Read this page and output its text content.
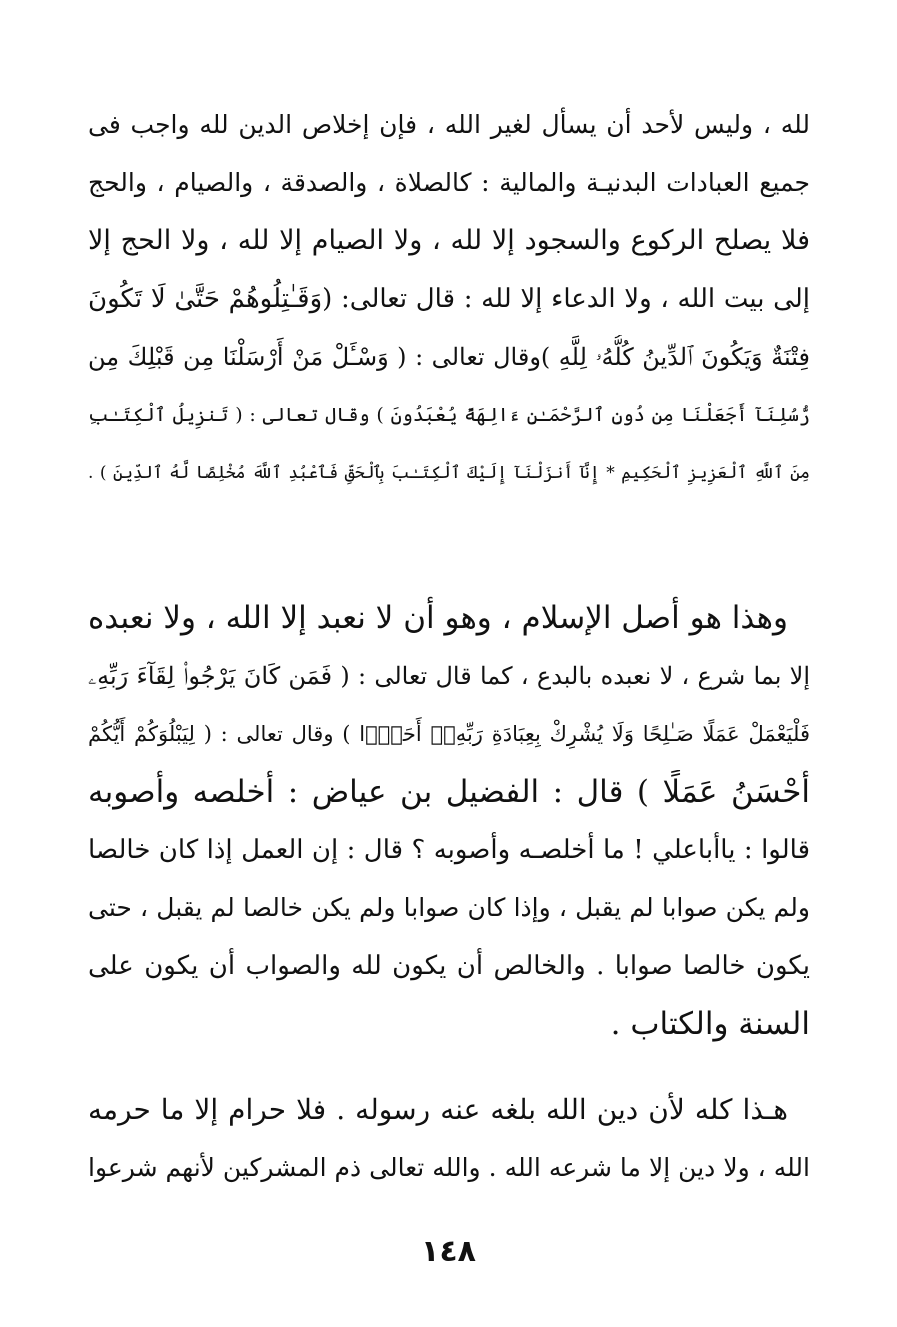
لله ، وليس لأحد أن يسأل لغير الله ، فإن إخلاص الدين لله واجب فى
جميع العبادات البدنيـة والمالية : كالصلاة ، والصدقة ، والصيام ، والحج
فلا يصلح الركوع والسجود إلا لله ، ولا الصيام إلا لله ، ولا الحج إلا
إلى بيت الله ، ولا الدعاء إلا لله : قال تعالى: (وَقَـٰتِلُوهُمْ حَتَّىٰ لَا تَكُونَ
فِتْنَةٌ وَيَكُونَ ٱلدِّينُ كُلُّهُۥ لِلَّهِ )وقال تعالى : ( وَسْـَٔلْ مَنْ أَرْسَلْنَا مِن قَبْلِكَ مِن
رُّسُلِنَآ أَجَعَلْنَا مِن دُونِ ٱلرَّحْمَـٰنِ ءَالِهَةً يُعْبَدُونَ ) وقال تعالى : ( تَنزِيلُ ٱلْكِتَـٰبِ
مِنَ ٱللَّهِ ٱلْعَزِيزِ ٱلْحَكِيمِ * إِنَّآ أَنزَلْنَآ إِلَيْكَ ٱلْكِتَـٰبَ بِٱلْحَقِّ فَٱعْبُدِ ٱللَّهَ مُخْلِصًا لَّهُ ٱلدِّينَ ) .
وهذا هو أصل الإسلام ، وهو أن لا نعبد إلا الله ، ولا نعبده
إلا بما شرع ، لا نعبده بالبدع ، كما قال تعالى : ( فَمَن كَانَ يَرْجُوا۟ لِقَآءَ رَبِّهِۦ
فَلْيَعْمَلْ عَمَلًا صَـٰلِحًا وَلَا يُشْرِكْ بِعِبَادَةِ رَبِّهِۦٓ أَحَدًۢا ) وقال تعالى : ( لِيَبْلُوَكُمْ أَيُّكُمْ
أَحْسَنُ عَمَلًا ) قال : الفضيل بن عياض : أخلصه وأصوبه
قالوا : ياأباعلي ! ما أخلصـه وأصوبه ؟ قال : إن العمل إذا كان خالصا
ولم يكن صوابا لم يقبل ، وإذا كان صوابا ولم يكن خالصا لم يقبل ، حتى
يكون خالصا صوابا . والخالص أن يكون لله والصواب أن يكون على
السنة والكتاب .
هـذا كله لأن دين الله بلغه عنه رسوله . فلا حرام إلا ما حرمه
الله ، ولا دين إلا ما شرعه الله . والله تعالى ذم المشركين لأنهم شرعوا
١٤٨
